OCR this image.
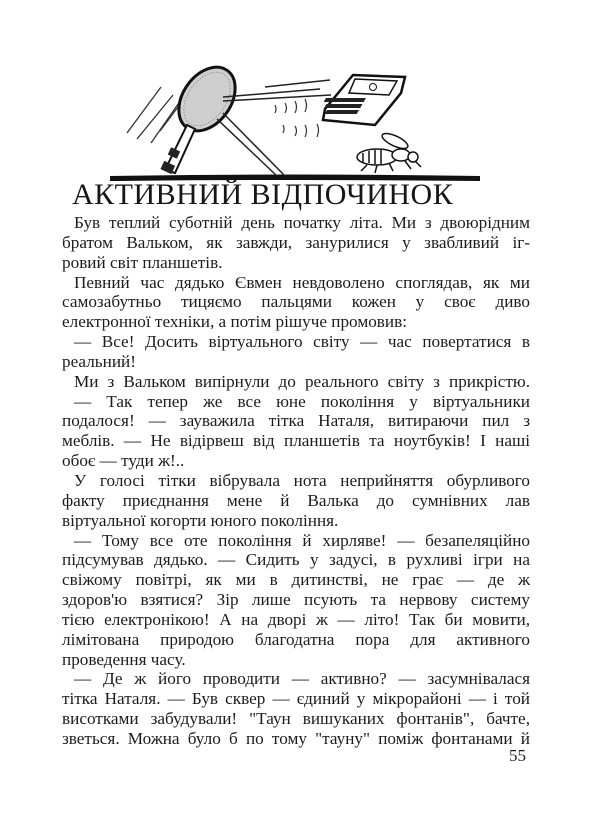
АКТИВНИЙ ВІДПОЧИНОК
Був теплий суботній день початку літа. Ми з двоюрідним
братом Вальком, як завжди, занурилися у звабливий іг-
ровий світ планшетів.
Певний час дядько Євмен невдоволено споглядав, як ми
самозабутньо тицяємо пальцями кожен у своє диво
електронної техніки, а потім рішуче промовив:
— Все! Досить віртуального світу — час повертатися в
реальний!
Ми з Вальком випірнули до реального світу з прикрістю.
— Так тепер же все юне покоління у віртуальники
подалося! — зауважила тітка Наталя, витираючи пил з
меблів. — Не відірвеш від планшетів та ноутбуків! І наші
обоє — туди ж!..
У голосі тітки вібрувала нота неприйняття обурливого
факту приєднання мене й Валька до сумнівних лав
віртуальної когорти юного покоління.
— Тому все оте покоління й хирляве! — безапеляційно
підсумував дядько. — Сидить у задусі, в рухливі ігри на
свіжому повітрі, як ми в дитинстві, не грає — де ж
здоров'ю взятися? Зір лише псують та нервову систему
тією електронікою! А на дворі ж — літо! Так би мовити,
лімітована природою благодатна пора для активного
проведення часу.
— Де ж його проводити — активно? — засумнівалася
тітка Наталя. — Був сквер — єдиний у мікрорайоні — і той
висотками забудували! "Таун вишуканих фонтанів", бачте,
зветься. Можна було б по тому "тауну" поміж фонтанами й
55
